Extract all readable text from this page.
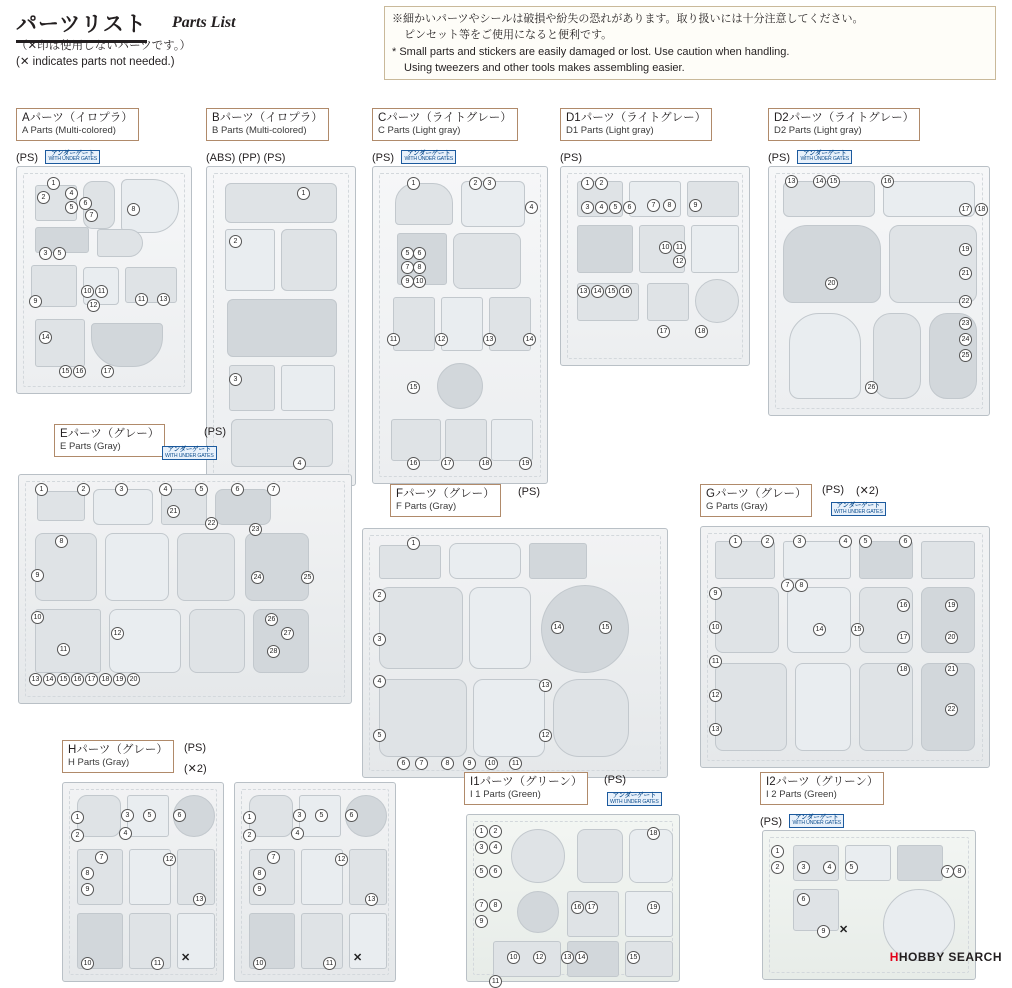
パーツリスト Parts List
（✕印は使用しないパーツです。）
(✕ indicates parts not needed.)

※細かいパーツやシールは破損や紛失の恐れがあります。取り扱いには十分注意してください。

ピンセット等をご使用になると便利です。

* Small parts and stickers are easily damaged or lost. Use caution when handling.

Using tweezers and other tools makes assembling easier.

Aパーツ（イロプラ）
A Parts (Multi-colored)
(PS)	アンダーゲート
WITH UNDER GATES
1
2
4
5
6
7
8
3	5
9
10 11
12
11	13
14
15 16	17
Bパーツ（イロプラ）
B Parts (Multi-colored)
(ABS) (PP) (PS)
1
2
3
4
Cパーツ（ライトグレー）
C Parts (Light gray)
(PS)	アンダーゲート
WITH UNDER GATES
1	2	3
4
5	6
7	8
9 10
11	12	13	14
15
16	17	18	19
D1パーツ（ライトグレー）
D1 Parts (Light gray)
(PS)
1	2
3	4	5	6	7	8	9
10 11
12
13 14 15 16
17	18
D2パーツ（ライトグレー）
D2 Parts (Light gray)
(PS)	アンダーゲート
WITH UNDER GATES
13	14 15	16
17	18
19
20
21
22
23
24
25
26
Eパーツ（グレー）
E Parts (Gray)
(PS)
アンダーゲート
WITH UNDER GATES
1	2	3	4	5	6	7
8
9
10
11
12
13 14 15 16 17 18 19 20
21
22
23
24	25
26
27
28
Fパーツ（グレー）
F Parts (Gray)
(PS)
1
2
3
4
5
6	7	8	9	10	11
12
13
14	15
Gパーツ（グレー）
G Parts (Gray)
(PS) (✕2)
アンダーゲート
WITH UNDER GATES
1	2	3	4	5	6
7	8
9
10
11
12
13
14	15
16
17
18
19
20
21
22
Hパーツ（グレー）
H Parts (Gray)
(PS)
(✕2)
1
2
3
4
5	6
7
8
9
10	11
12
13
✕
1
2
3
4
5	6
7
8
9
10	11
12
13
✕
I1パーツ（グリーン）
I 1 Parts (Green)
(PS)
アンダーゲート
WITH UNDER GATES
1	2
3	4
5	6
7	8
9
10
11
12	13 14	15
16 17
18
19
I2パーツ（グリーン）
I 2 Parts (Green)
(PS)	アンダーゲート
WITH UNDER GATES
1
2	3	4	5
6
7	8
9	✕
HHOBBY SEARCH
